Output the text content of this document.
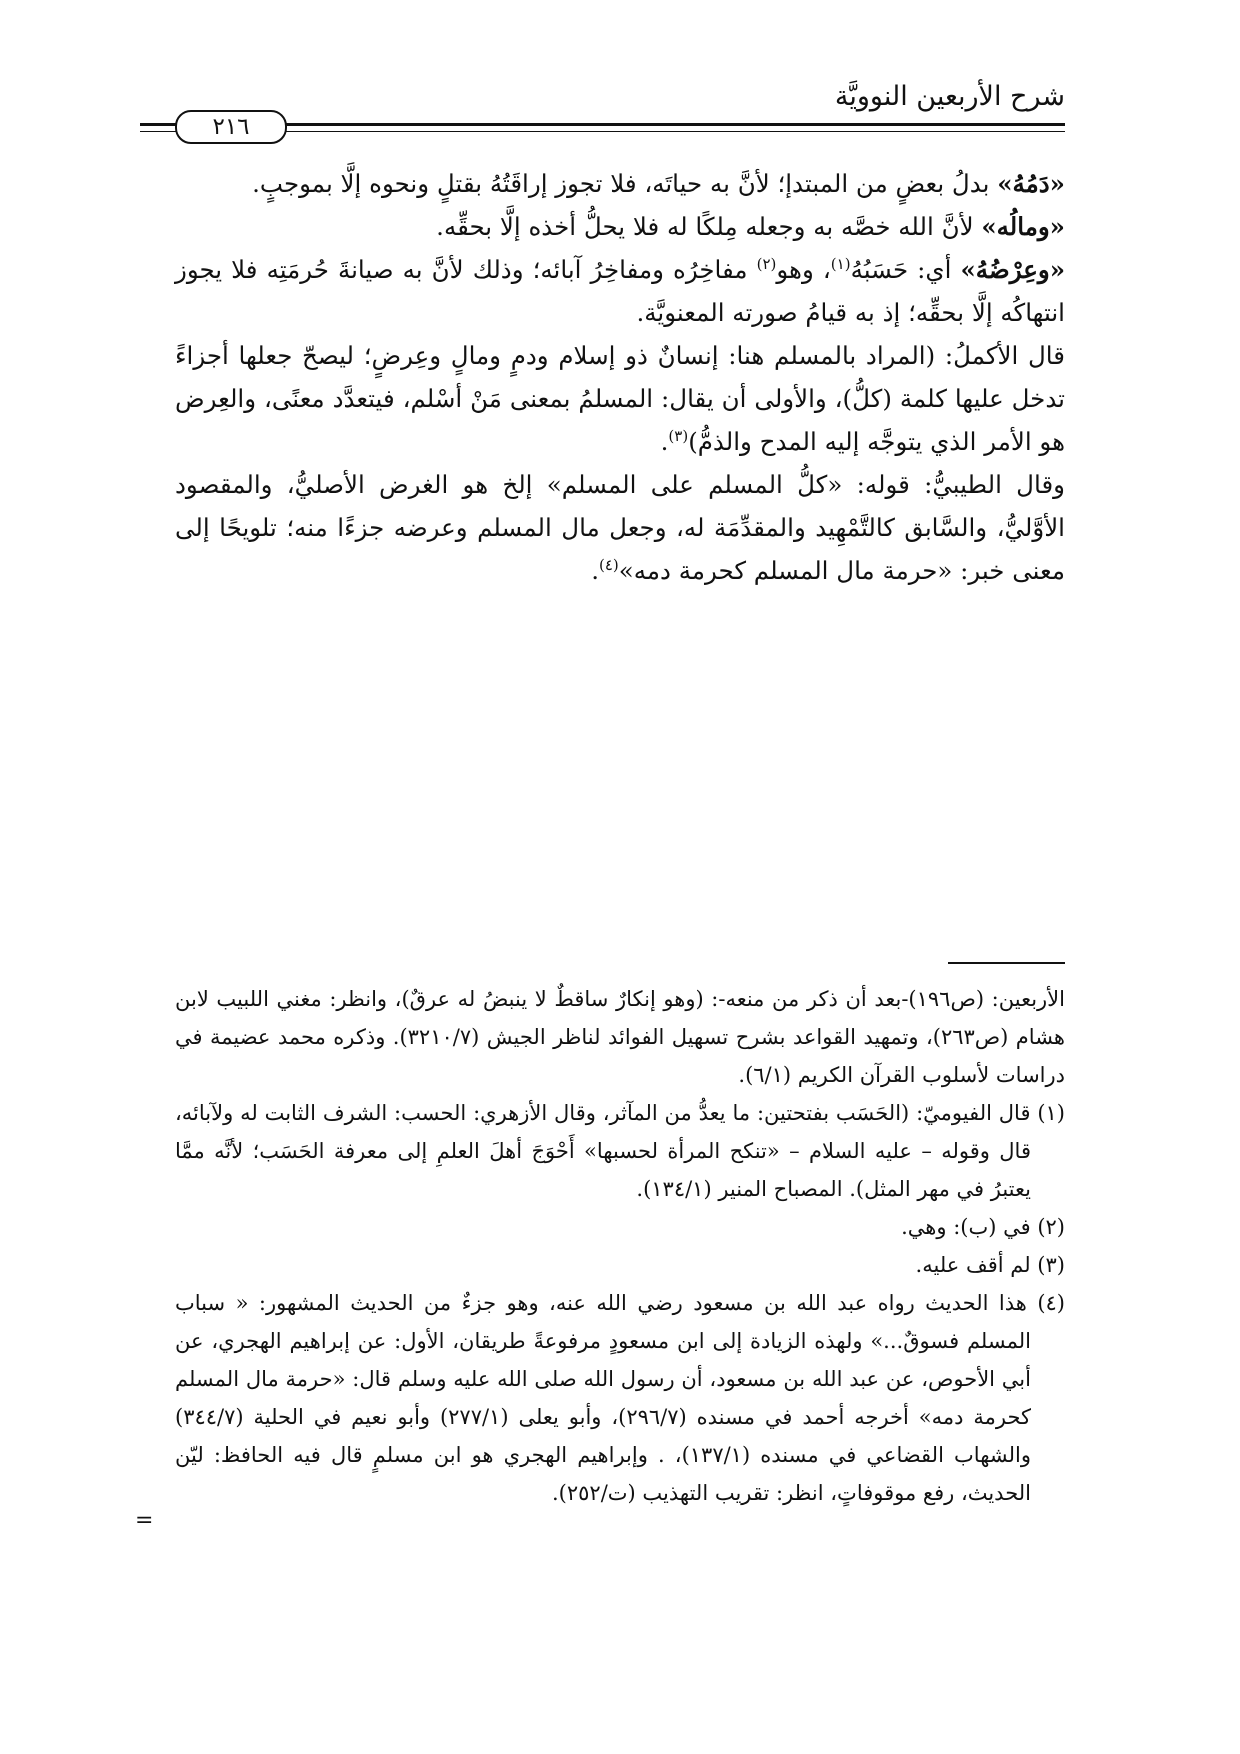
شرح الأربعين النوويَّة
٢١٦

«دَمُهُ» بدلُ بعضٍ من المبتدإ؛ لأنَّ به حياتَه، فلا تجوز إراقَتُهُ بقتلٍ ونحوه إلَّا بموجبٍ.

«ومالُه» لأنَّ الله خصَّه به وجعله مِلكًا له فلا يحلُّ أخذه إلَّا بحقِّه.

«وعِرْضُهُ» أي: حَسَبُهُ$^{(١)}$، وهو$^{(٢)}$ مفاخِرُه ومفاخِرُ آبائه؛ وذلك لأنَّ به صيانةَ حُرمَتِه فلا يجوز انتهاكُه إلَّا بحقِّه؛ إذ به قيامُ صورته المعنويَّة.

قال الأكملُ: (المراد بالمسلم هنا: إنسانٌ ذو إسلام ودمٍ ومالٍ وعِرضٍ؛ ليصحّ جعلها أجزاءً تدخل عليها كلمة (كلُّ)، والأولى أن يقال: المسلمُ بمعنى مَنْ أسْلم، فيتعدَّد معنًى، والعِرض هو الأمر الذي يتوجَّه إليه المدح والذمُّ)$^{(٣)}$.

وقال الطيبيُّ: قوله: «كلُّ المسلم على المسلم» إلخ هو الغرض الأصليُّ، والمقصود الأوَّليُّ، والسَّابق كالتَّمْهِيد والمقدِّمَة له، وجعل مال المسلم وعرضه جزءًا منه؛ تلويحًا إلى معنى خبر: «حرمة مال المسلم كحرمة دمه»$^{(٤)}$.

الأربعين: (ص١٩٦)-بعد أن ذكر من منعه-: (وهو إنكارٌ ساقطٌ لا ينبضُ له عرقٌ)، وانظر: مغني اللبيب لابن هشام (ص٢٦٣)، وتمهيد القواعد بشرح تسهيل الفوائد لناظر الجيش (٣٢١٠/٧). وذكره محمد عضيمة في دراسات لأسلوب القرآن الكريم (٦/١).

(١) قال الفيوميّ: (الحَسَب بفتحتين: ما يعدُّ من المآثر، وقال الأزهري: الحسب: الشرف الثابت له ولآبائه، قال وقوله – عليه السلام – «تنكح المرأة لحسبها» أَحْوَجَ أهلَ العلمِ إلى معرفة الحَسَب؛ لأنَّه ممَّا يعتبرُ في مهر المثل). المصباح المنير (١٣٤/١).

(٢) في (ب): وهي.

(٣) لم أقف عليه.

(٤) هذا الحديث رواه عبد الله بن مسعود رضي الله عنه، وهو جزءٌ من الحديث المشهور: « سباب المسلم فسوقٌ...» ولهذه الزيادة إلى ابن مسعودٍ مرفوعةً طريقان، الأول: عن إبراهيم الهجري، عن أبي الأحوص، عن عبد الله بن مسعود، أن رسول الله صلى الله عليه وسلم قال: «حرمة مال المسلم كحرمة دمه» أخرجه أحمد في مسنده (٢٩٦/٧)، وأبو يعلى (٢٧٧/١) وأبو نعيم في الحلية (٣٤٤/٧) والشهاب القضاعي في مسنده (١٣٧/١)، . وإبراهيم الهجري هو ابن مسلمٍ قال فيه الحافظ: ليّن الحديث، رفع موقوفاتٍ، انظر: تقريب التهذيب (ت/٢٥٢).

=
